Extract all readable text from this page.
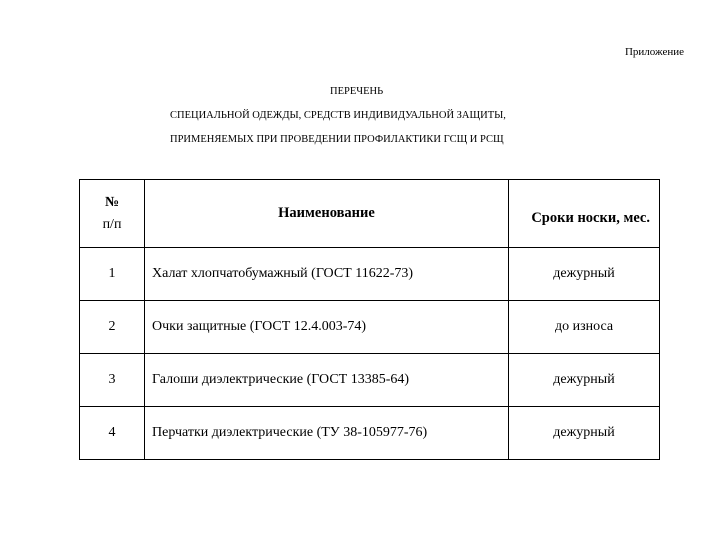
Приложение
ПЕРЕЧЕНЬ
СПЕЦИАЛЬНОЙ ОДЕЖДЫ, СРЕДСТВ ИНДИВИДУАЛЬНОЙ ЗАЩИТЫ,
ПРИМЕНЯЕМЫХ ПРИ ПРОВЕДЕНИИ ПРОФИЛАКТИКИ ГСЩ И РСЩ
№
п/п	Наименование	Сроки носки, мес.
1	Халат хлопчатобумажный (ГОСТ 11622-73)	дежурный
2	Очки защитные (ГОСТ 12.4.003-74)	до износа
3	Галоши диэлектрические (ГОСТ 13385-64)	дежурный
4	Перчатки диэлектрические (ТУ 38-105977-76)	дежурный
